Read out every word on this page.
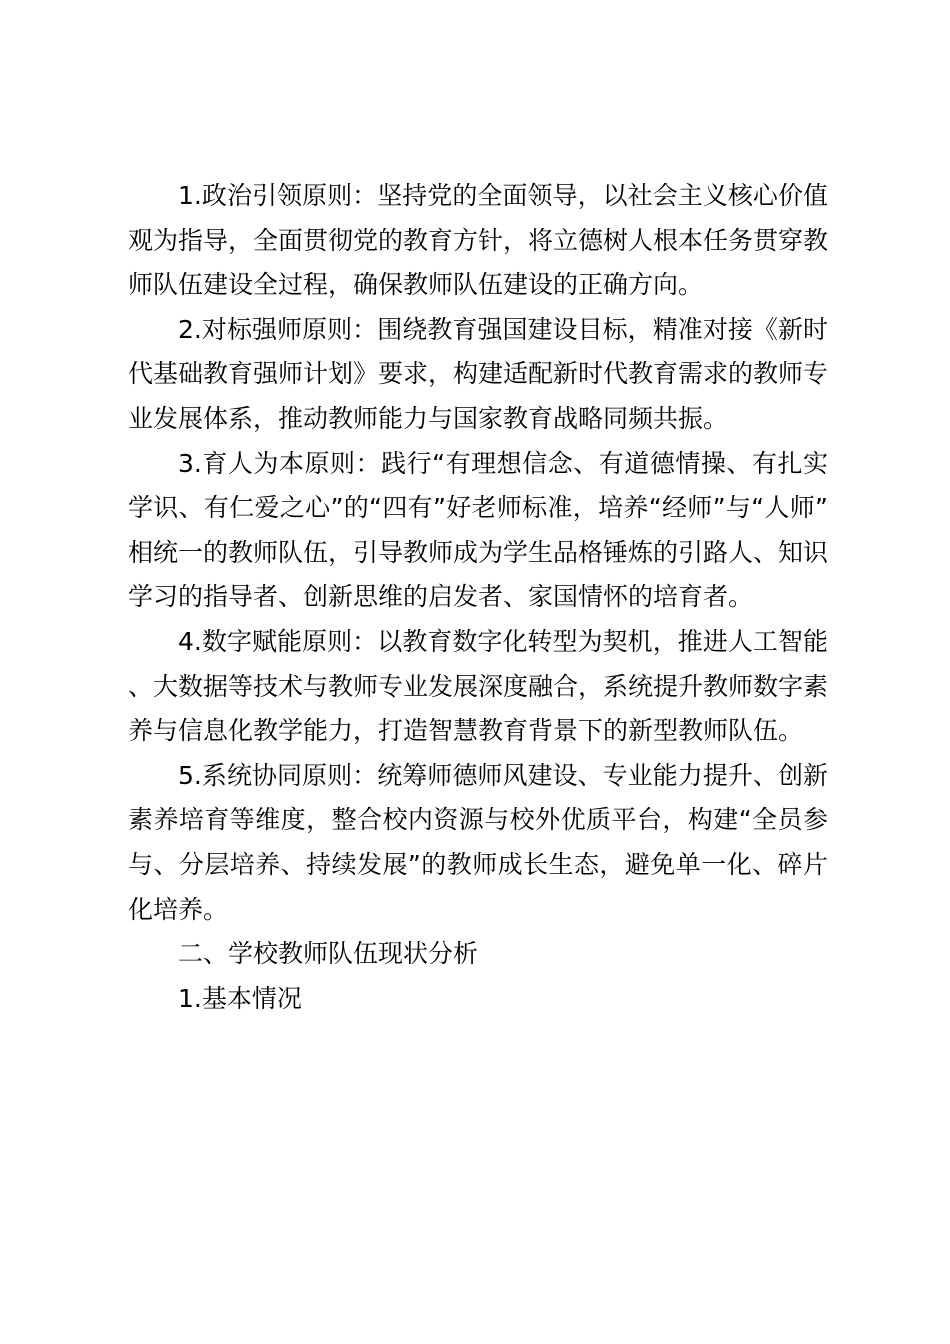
1.政治引领原则：坚持党的全面领导，以社会主义核心价值观为指导，全面贯彻党的教育方针，将立德树人根本任务贯穿教师队伍建设全过程，确保教师队伍建设的正确方向。

2.对标强师原则：围绕教育强国建设目标，精准对接《新时代基础教育强师计划》要求，构建适配新时代教育需求的教师专业发展体系，推动教师能力与国家教育战略同频共振。

3.育人为本原则：践行“有理想信念、有道德情操、有扎实学识、有仁爱之心”的“四有”好老师标准，培养“经师”与“人师”相统一的教师队伍，引导教师成为学生品格锤炼的引路人、知识学习的指导者、创新思维的启发者、家国情怀的培育者。

4.数字赋能原则：以教育数字化转型为契机，推进人工智能、大数据等技术与教师专业发展深度融合，系统提升教师数字素养与信息化教学能力，打造智慧教育背景下的新型教师队伍。

5.系统协同原则：统筹师德师风建设、专业能力提升、创新素养培育等维度，整合校内资源与校外优质平台，构建“全员参与、分层培养、持续发展”的教师成长生态，避免单一化、碎片化培养。

二、学校教师队伍现状分析

1.基本情况
